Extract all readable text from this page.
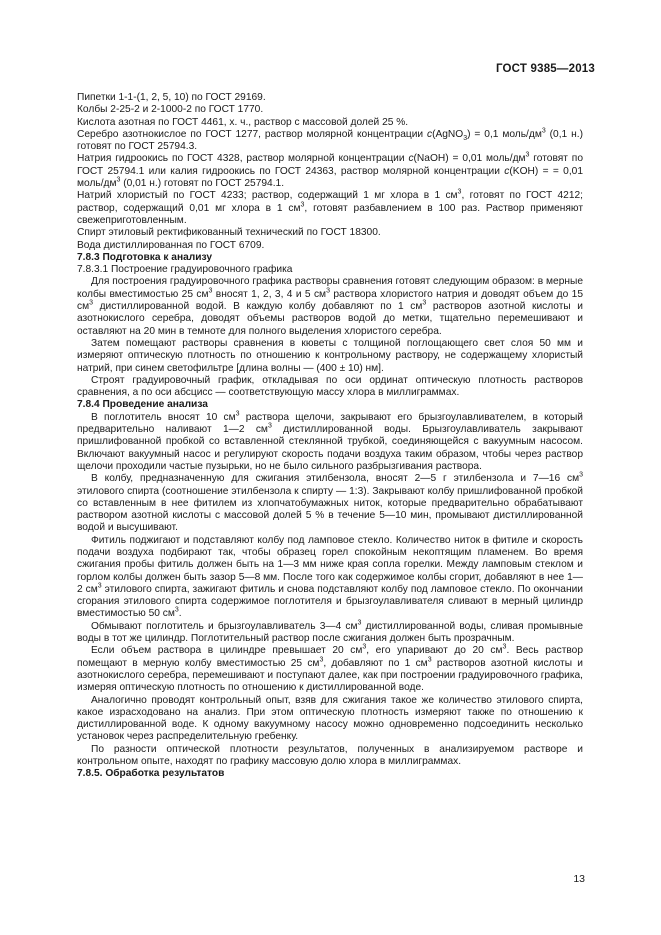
ГОСТ 9385—2013

Пипетки 1-1-(1, 2, 5, 10) по ГОСТ 29169.

Колбы 2-25-2 и 2-1000-2 по ГОСТ 1770.

Кислота азотная по ГОСТ 4461, х. ч., раствор с массовой долей 25 %.

Серебро азотнокислое по ГОСТ 1277, раствор молярной концентрации c(AgNO$_3$) = 0,1 моль/$дм^3$ (0,1 н.) готовят по ГОСТ 25794.3.

Натрия гидроокись по ГОСТ 4328, раствор молярной концентрации c(NaOH) = 0,01 моль/$дм^3$ готовят по ГОСТ 25794.1 или калия гидроокись по ГОСТ 24363, раствор молярной концентрации c(KOH) = = 0,01 моль/$дм^3$ (0,01 н.) готовят по ГОСТ 25794.1.

Натрий хлористый по ГОСТ 4233; раствор, содержащий 1 мг хлора в 1 $см^3$, готовят по ГОСТ 4212; раствор, содержащий 0,01 мг хлора в 1 $см^3$, готовят разбавлением в 100 раз. Раствор применяют свежеприготовленным.

Спирт этиловый ректификованный технический по ГОСТ 18300.

Вода дистиллированная по ГОСТ 6709.

7.8.3 Подготовка к анализу

7.8.3.1 Построение градуировочного графика

Для построения градуировочного графика растворы сравнения готовят следующим образом: в мерные колбы вместимостью 25 $см^3$ вносят 1, 2, 3, 4 и 5 $см^3$ раствора хлористого натрия и доводят объем до 15 $см^3$ дистиллированной водой. В каждую колбу добавляют по 1 $см^3$ растворов азотной кислоты и азотнокислого серебра, доводят объемы растворов водой до метки, тщательно перемешивают и оставляют на 20 мин в темноте для полного выделения хлористого серебра.

Затем помещают растворы сравнения в кюветы с толщиной поглощающего свет слоя 50 мм и измеряют оптическую плотность по отношению к контрольному раствору, не содержащему хлористый натрий, при синем светофильтре [длина волны — (400 ± 10) нм].

Строят градуировочный график, откладывая по оси ординат оптическую плотность растворов сравнения, а по оси абсцисс — соответствующую массу хлора в миллиграммах.

7.8.4 Проведение анализа

В поглотитель вносят 10 $см^3$ раствора щелочи, закрывают его брызгоулавливателем, в который предварительно наливают 1—2 $см^3$ дистиллированной воды. Брызгоулавливатель закрывают пришлифованной пробкой со вставленной стеклянной трубкой, соединяющейся с вакуумным насосом. Включают вакуумный насос и регулируют скорость подачи воздуха таким образом, чтобы через раствор щелочи проходили частые пузырьки, но не было сильного разбрызгивания раствора.

В колбу, предназначенную для сжигания этилбензола, вносят 2—5 г этилбензола и 7—16 $см^3$ этилового спирта (соотношение этилбензола к спирту — 1:3). Закрывают колбу пришлифованной пробкой со вставленным в нее фитилем из хлопчатобумажных ниток, которые предварительно обрабатывают раствором азотной кислоты с массовой долей 5 % в течение 5—10 мин, промывают дистиллированной водой и высушивают.

Фитиль поджигают и подставляют колбу под ламповое стекло. Количество ниток в фитиле и скорость подачи воздуха подбирают так, чтобы образец горел спокойным некоптящим пламенем. Во время сжигания пробы фитиль должен быть на 1—3 мм ниже края сопла горелки. Между ламповым стеклом и горлом колбы должен быть зазор 5—8 мм. После того как содержимое колбы сгорит, добавляют в нее 1—2 $см^3$ этилового спирта, зажигают фитиль и снова подставляют колбу под ламповое стекло. По окончании сгорания этилового спирта содержимое поглотителя и брызгоулавливателя сливают в мерный цилиндр вместимостью 50 $см^3$.

Обмывают поглотитель и брызгоулавливатель 3—4 $см^3$ дистиллированной воды, сливая промывные воды в тот же цилиндр. Поглотительный раствор после сжигания должен быть прозрачным.

Если объем раствора в цилиндре превышает 20 $см^3$, его упаривают до 20 $см^3$. Весь раствор помещают в мерную колбу вместимостью 25 $см^3$, добавляют по 1 $см^3$ растворов азотной кислоты и азотнокислого серебра, перемешивают и поступают далее, как при построении градуировочного графика, измеряя оптическую плотность по отношению к дистиллированной воде.

Аналогично проводят контрольный опыт, взяв для сжигания такое же количество этилового спирта, какое израсходовано на анализ. При этом оптическую плотность измеряют также по отношению к дистиллированной воде. К одному вакуумному насосу можно одновременно подсоединить несколько установок через распределительную гребенку.

По разности оптической плотности результатов, полученных в анализируемом растворе и контрольном опыте, находят по графику массовую долю хлора в миллиграммах.

7.8.5. Обработка результатов

13
